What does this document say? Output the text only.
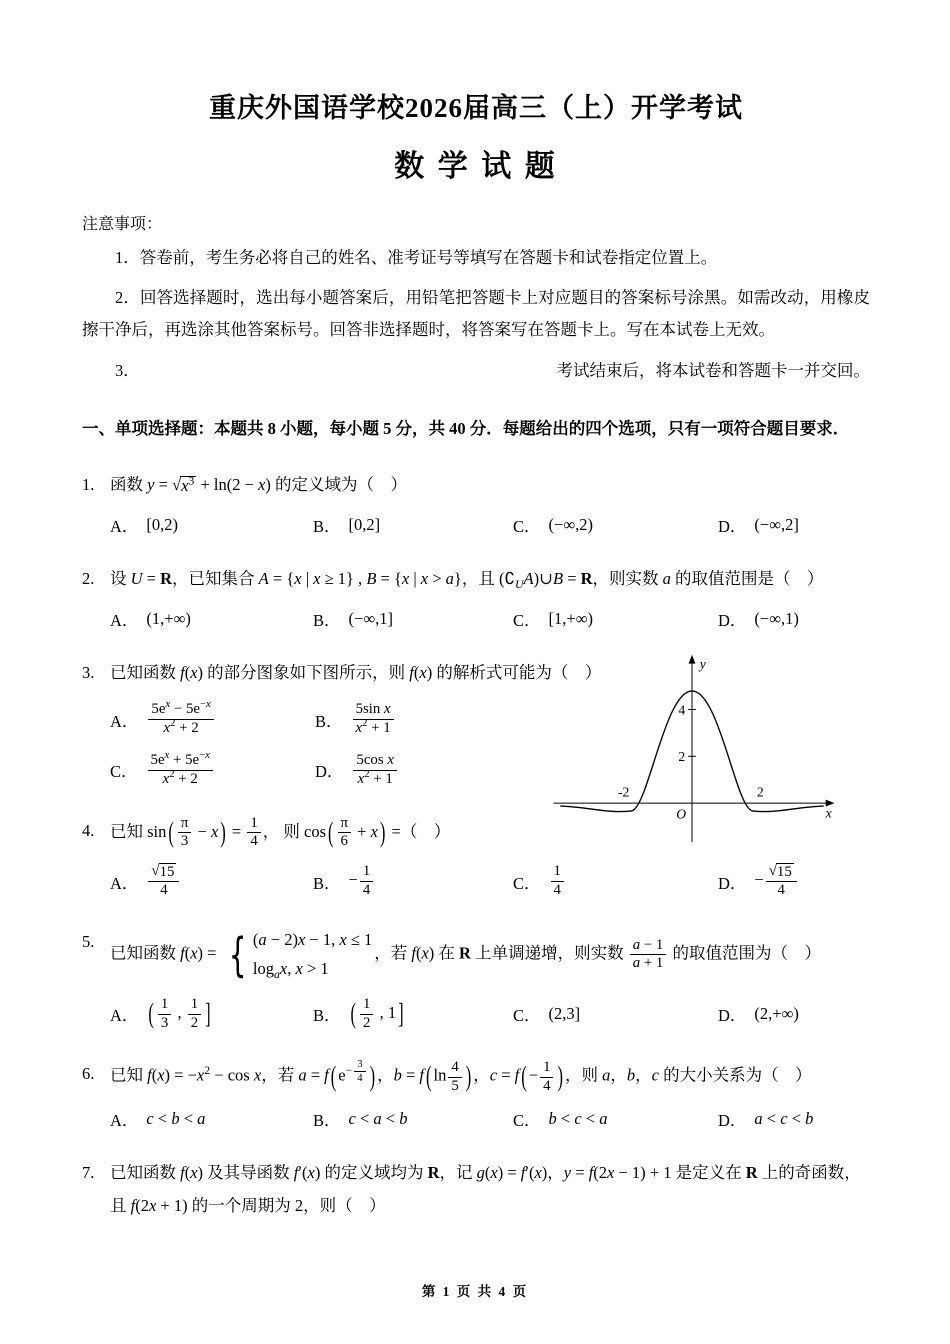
重庆外国语学校2026届高三（上）开学考试
数 学 试 题
注意事项：

1．答卷前，考生务必将自己的姓名、准考证号等填写在答题卡和试卷指定位置上。

2．回答选择题时，选出每小题答案后，用铅笔把答题卡上对应题目的答案标号涂黑。如需改动，用橡皮擦干净后，再选涂其他答案标号。回答非选择题时，将答案写在答题卡上。写在本试卷上无效。

3．	考试结束后，将本试卷和答题卡一并交回。

一、单项选择题：本题共 8 小题，每小题 5 分，共 40 分．每题给出的四个选项，只有一项符合题目要求．
1. 函数 y = √ $x^3 + \ln(2 - x)$ 的定义域为（　）
A． [0,2)	B． [0,2]	C． (−∞,2)	D． (−∞,2]
2. 设 U = R，已知集合 A = {x | x ≥ 1} , B = {x | x > a}，且 $(∁_UA)\cup B = R$，则实数 a 的取值范围是（　）
A． (1,+∞)	B． (−∞,1]	C． [1,+∞)	D． (−∞,1)
3. 已知函数 f(x) 的部分图象如下图所示，则 f(x) 的解析式可能为（　）
A． $\frac{5e^x - 5e^{-x}}{x^2 + 2}$	B． $\frac{\text{5sin x}}{x^2 + 1}$
C． $\frac{5e^x + 5e^{-x}}{x^2 + 2}$	D． $\frac{\text{5cos x}}{x^2 + 1}$
y
x
O
4
2
-2	2
4. 已知 sin ( $\frac{\pi}{3} - x$ ) = $\frac{1}{4}$ ， 则 cos ( $\frac{\pi}{6} + x$ ) =（　）
A． $\frac{√ 15}{4}$	B． − $\frac{1}{4}$	C． $\frac{1}{4}$	D． − $\frac{√ 15}{4}$
5.
已知函数 f(x) = { (a − 2)x − 1, x ≤ 1
$\log_ax$, x > 1
，若 f(x) 在 R 上单调递增，则实数 $\frac{a - 1}{a + 1}$ 的取值范围为（　）
A． ( $\frac{1}{3}$ , $\frac{1}{2}$ ]	B． ( $\frac{1}{2}$ , 1 ]	C． (2,3]	D． (2,+∞)
6. 已知 $f(x) = -x^2 - \cos x$，若 a = f ( $e^{- \frac{3}{4}}$ ) ，b = f ( $\ln \frac{4}{5}$ ) ，c = f ( − $\frac{1}{4}$ ) ，则 a，b，c 的大小关系为（　）
A． c < b < a	B． c < a < b	C． b < c < a	D． a < c < b
7. 已知函数 f(x) 及其导函数 f′(x) 的定义域均为 R，记 g(x) = f′(x)，y = f(2x − 1) + 1 是定义在 R 上的奇函数，且 f(2x + 1) 的一个周期为 2，则（　）
第 1 页 共 4 页
